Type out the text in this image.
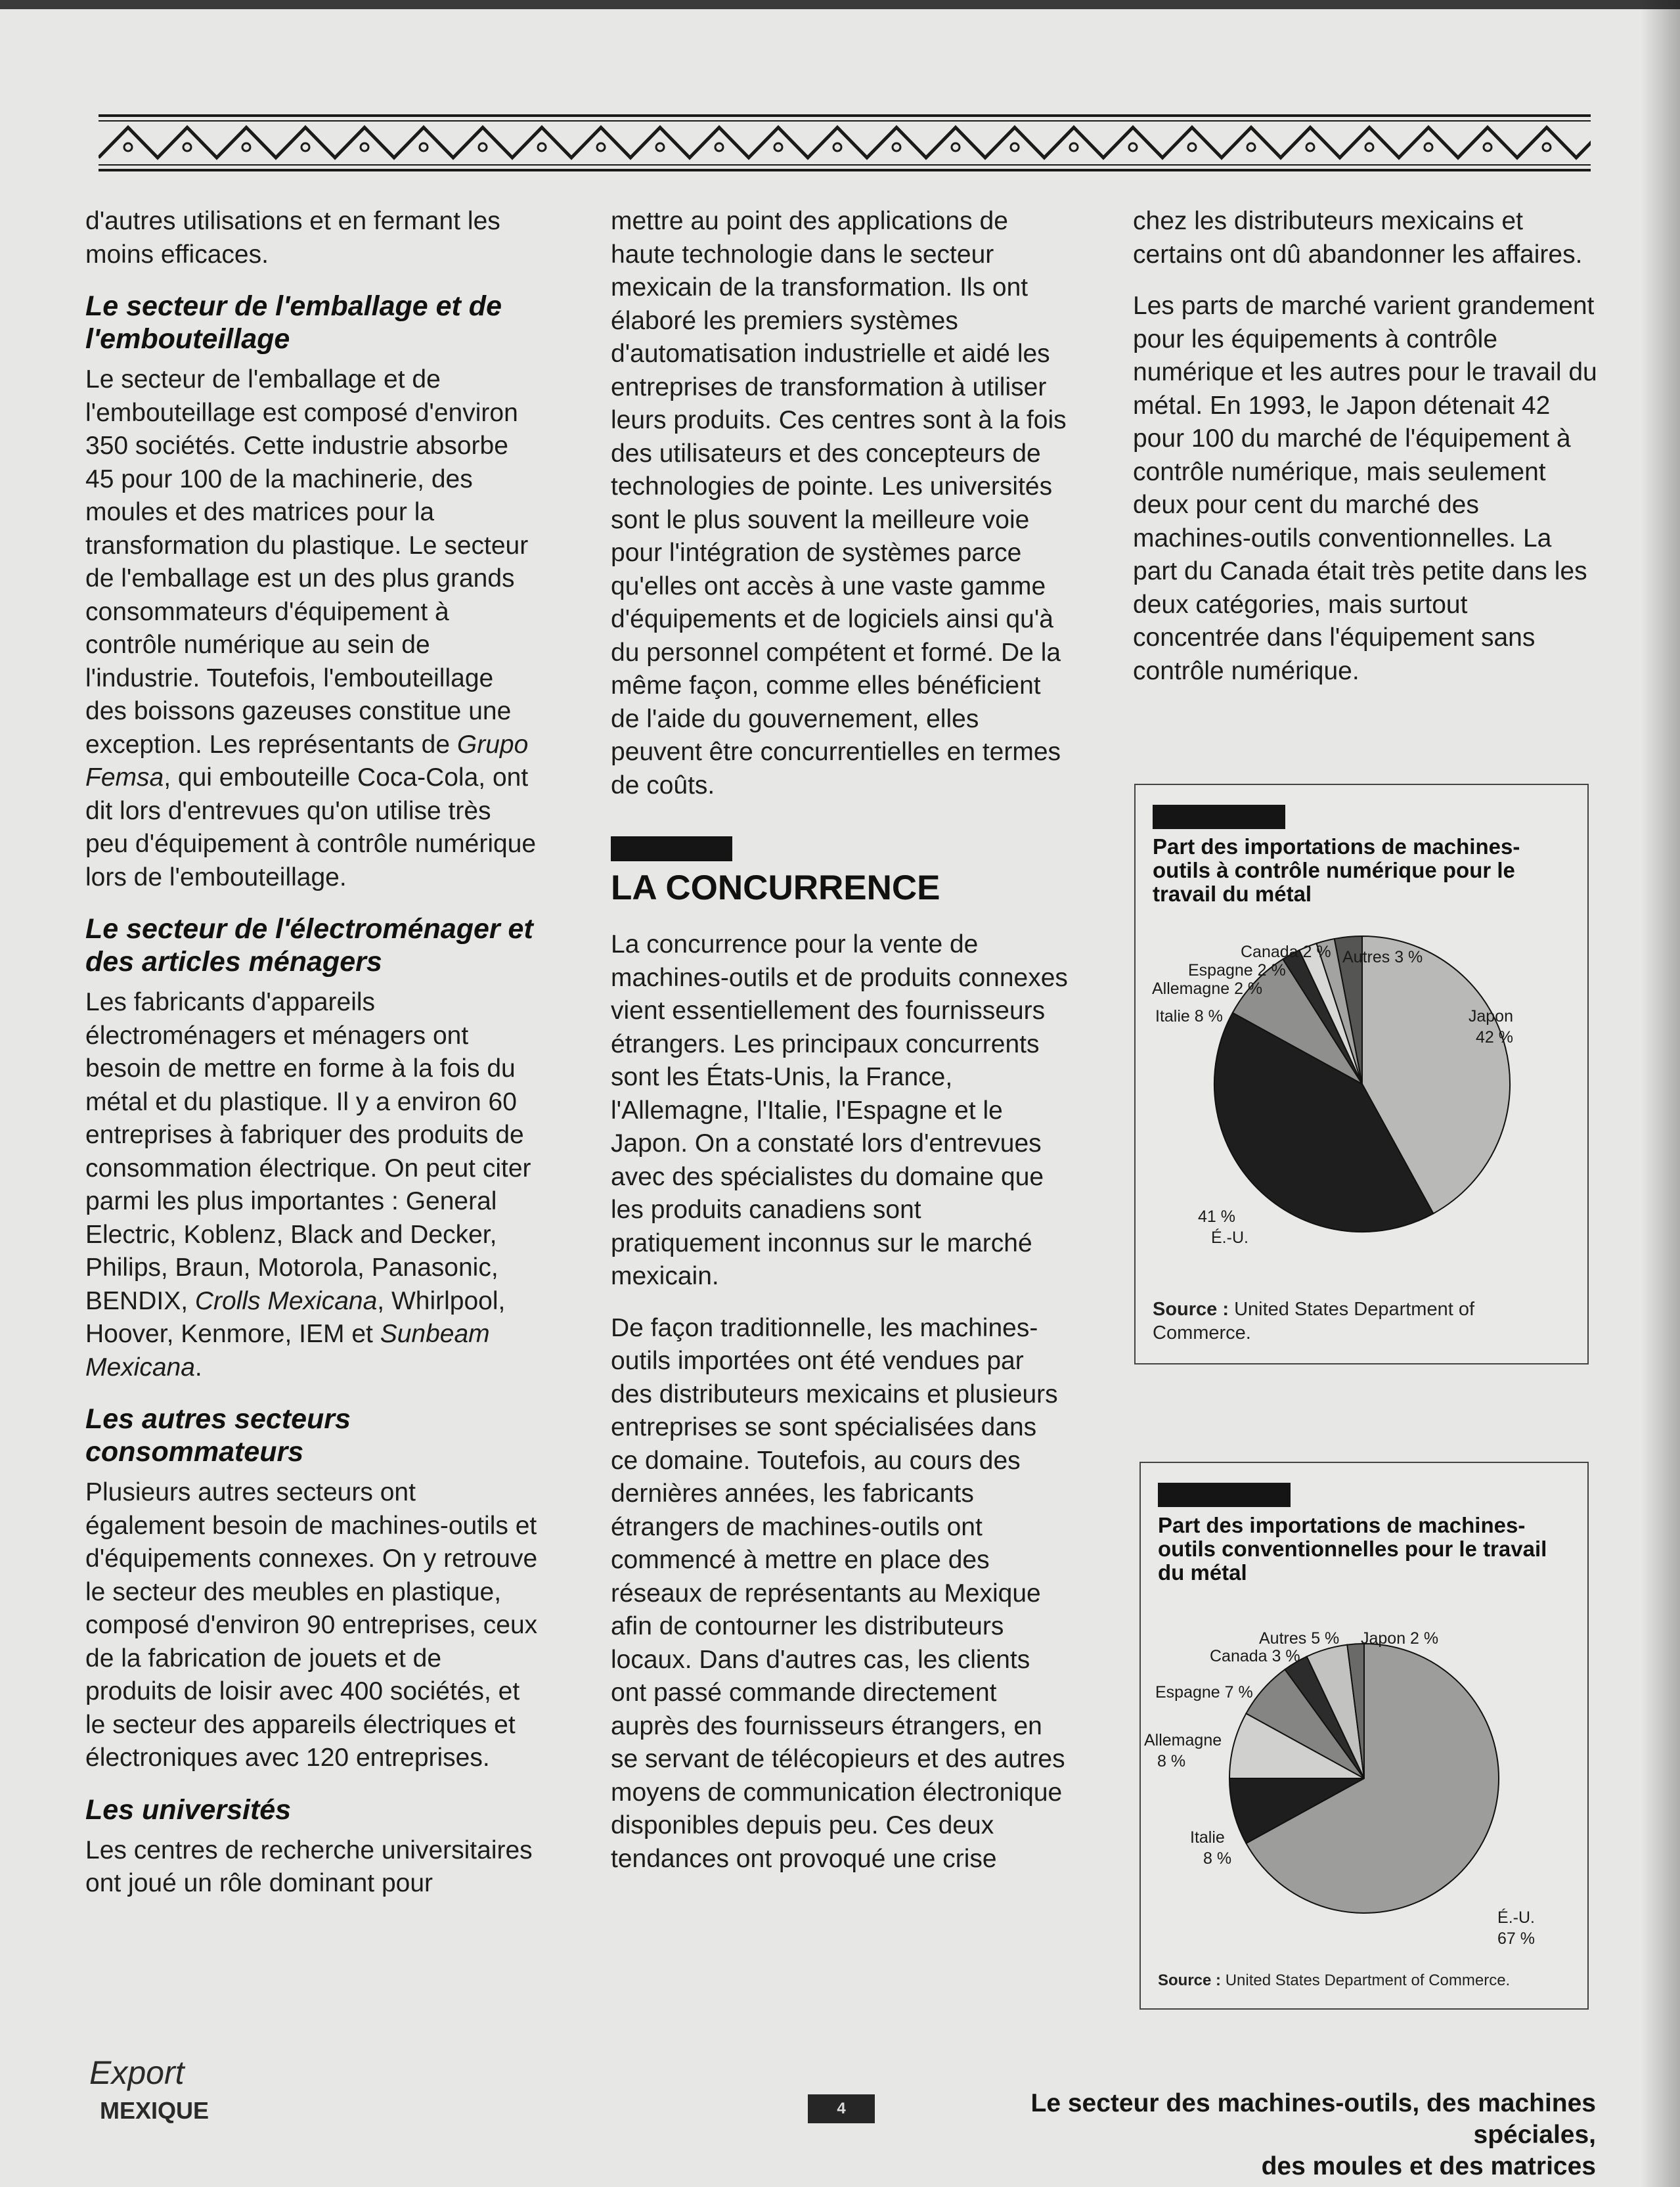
d'autres utilisations et en fermant les moins efficaces.

Le secteur de l'emballage et de l'embouteillage

Le secteur de l'emballage et de l'embouteillage est composé d'environ 350 sociétés. Cette industrie absorbe 45 pour 100 de la machinerie, des moules et des matrices pour la transformation du plastique. Le secteur de l'emballage est un des plus grands consommateurs d'équipement à contrôle numérique au sein de l'industrie. Toutefois, l'embouteillage des boissons gazeuses constitue une exception. Les représentants de Grupo Femsa, qui embouteille Coca-Cola, ont dit lors d'entrevues qu'on utilise très peu d'équipement à contrôle numérique lors de l'embouteillage.

Le secteur de l'électroménager et des articles ménagers

Les fabricants d'appareils électroménagers et ménagers ont besoin de mettre en forme à la fois du métal et du plastique. Il y a environ 60 entreprises à fabriquer des produits de consommation électrique. On peut citer parmi les plus importantes : General Electric, Koblenz, Black and Decker, Philips, Braun, Motorola, Panasonic, BENDIX, Crolls Mexicana, Whirlpool, Hoover, Kenmore, IEM et Sunbeam Mexicana.

Les autres secteurs consommateurs

Plusieurs autres secteurs ont également besoin de machines-outils et d'équipements connexes. On y retrouve le secteur des meubles en plastique, composé d'environ 90 entreprises, ceux de la fabrication de jouets et de produits de loisir avec 400 sociétés, et le secteur des appareils électriques et électroniques avec 120 entreprises.

Les universités

Les centres de recherche universitaires ont joué un rôle dominant pour

mettre au point des applications de haute technologie dans le secteur mexicain de la transformation. Ils ont élaboré les premiers systèmes d'automatisation industrielle et aidé les entreprises de transformation à utiliser leurs produits. Ces centres sont à la fois des utilisateurs et des concepteurs de technologies de pointe. Les universités sont le plus souvent la meilleure voie pour l'intégration de systèmes parce qu'elles ont accès à une vaste gamme d'équipements et de logiciels ainsi qu'à du personnel compétent et formé. De la même façon, comme elles bénéficient de l'aide du gouvernement, elles peuvent être concurrentielles en termes de coûts.

LA CONCURRENCE

La concurrence pour la vente de machines-outils et de produits connexes vient essentiellement des fournisseurs étrangers. Les principaux concurrents sont les États-Unis, la France, l'Allemagne, l'Italie, l'Espagne et le Japon. On a constaté lors d'entrevues avec des spécialistes du domaine que les produits canadiens sont pratiquement inconnus sur le marché mexicain.

De façon traditionnelle, les machines-outils importées ont été vendues par des distributeurs mexicains et plusieurs entreprises se sont spécialisées dans ce domaine. Toutefois, au cours des dernières années, les fabricants étrangers de machines-outils ont commencé à mettre en place des réseaux de représentants au Mexique afin de contourner les distributeurs locaux. Dans d'autres cas, les clients ont passé commande directement auprès des fournisseurs étrangers, en se servant de télécopieurs et des autres moyens de communication électronique disponibles depuis peu. Ces deux tendances ont provoqué une crise

chez les distributeurs mexicains et certains ont dû abandonner les affaires.

Les parts de marché varient grandement pour les équipements à contrôle numérique et les autres pour le travail du métal. En 1993, le Japon détenait 42 pour 100 du marché de l'équipement à contrôle numérique, mais seulement deux pour cent du marché des machines-outils conventionnelles. La part du Canada était très petite dans les deux catégories, mais surtout concentrée dans l'équipement sans contrôle numérique.

Part des importations de machines-outils à contrôle numérique pour le travail du métal
Japon 42 %
41 % É.-U.
Italie 8 %
Allemagne 2 %
Espagne 2 %
Canada 2 % Autres 3 %
Source : United States Department of Commerce.
Part des importations de machines-outils conventionnelles pour le travail du métal
É.-U. 67 %
Italie 8 %
Allemagne 8 %
Espagne 7 %
Canada 3 %
Autres 5 % Japon 2 %
Source : United States Department of Commerce.
Export
MEXIQUE	4	Le secteur des machines-outils, des machines spéciales,
des moules et des matrices
